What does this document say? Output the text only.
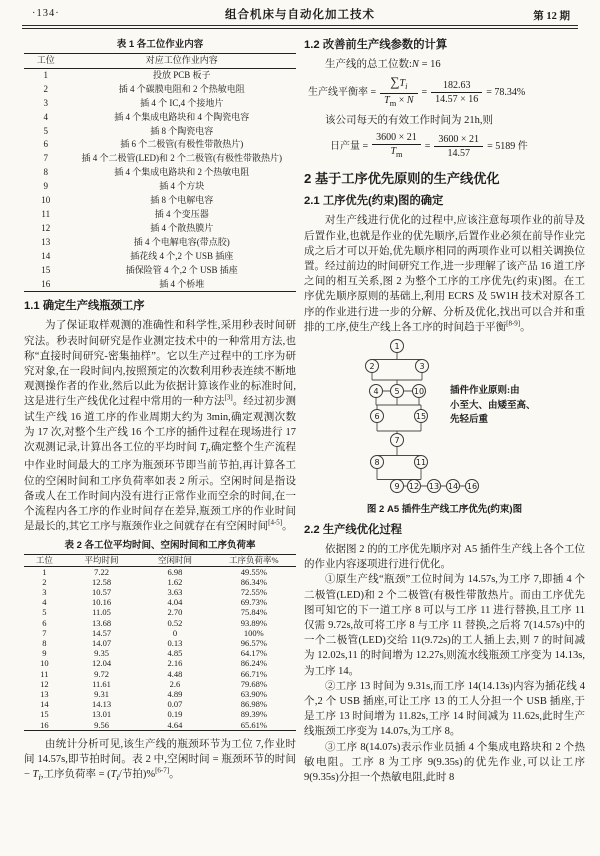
·134·	组合机床与自动化加工技术	第 12 期
表 1 各工位作业内容
工位	对应工位作业内容
1	投放 PCB 板子
2	插 4 个碳膜电阻和 2 个热敏电阻
3	插 4 个 IC,4 个接地片
4	插 4 个集成电路块和 4 个陶瓷电容
5	插 8 个陶瓷电容
6	插 6 个二极管(有极性带散热片)
7	插 4 个二极管(LED)和 2 个二极管(有极性带散热片)
8	插 4 个集成电路块和 2 个热敏电阻
9	插 4 个方块
10	插 8 个电解电容
11	插 4 个变压器
12	插 4 个散热膜片
13	插 4 个电解电容(带点胶)
14	插花线 4 个,2 个 USB 插座
15	插保险管 4 个,2 个 USB 插座
16	插 4 个桥堆
1.1 确定生产线瓶颈工序

为了保证取样观测的准确性和科学性,采用秒表时间研究法。秒表时间研究是作业测定技术中的一种常用方法,也称“直接时间研究-密集抽样”。它以生产过程中的工序为研究对象,在一段时间内,按照预定的次数利用秒表连续不断地观测操作者的作业,然后以此为依据计算该作业的标准时间,这是进行生产线优化过程中常用的一种方法[3]。经过初步测试生产线 16 道工序的作业周期大约为 3min,确定观测次数为 17 次,对整个生产线 16 个工序的插件过程在现场进行 17 次观测记录,计算出各工位的平均时间 $T_i$,确定整个生产流程中作业时间最大的工序为瓶颈环节即当前节拍,再计算各工位的空闲时间和工序负荷率如表 2 所示。空闲时间是指设备或人在工作时间内没有进行正常作业而空余的时间,在一个流程内各工序的作业时间存在差异,瓶颈工序的作业时间是最长的,其它工序与瓶颈作业之间就存在有空闲时间[4-5]。

表 2 各工位平均时间、空闲时间和工序负荷率
工位	平均时间	空闲时间	工序负荷率%
1	7.22	6.98	49.55%
2	12.58	1.62	86.34%
3	10.57	3.63	72.55%
4	10.16	4.04	69.73%
5	11.05	2.70	75.84%
6	13.68	0.52	93.89%
7	14.57	0	100%
8	14.07	0.13	96.57%
9	9.35	4.85	64.17%
10	12.04	2.16	86.24%
11	9.72	4.48	66.71%
12	11.61	2.6	79.68%
13	9.31	4.89	63.90%
14	14.13	0.07	86.98%
15	13.01	0.19	89.39%
16	9.56	4.64	65.61%

由统计分析可见,该生产线的瓶颈环节为工位 7,作业时间 14.57s,即节拍时间。表 2 中,空闲时间 = 瓶颈环节的时间 − $T_i$,工序负荷率 = ($T_i/$节拍)%[6-7]。

1.2 改善前生产线参数的计算
生产线的总工位数:N = 16
生产线平衡率 = $\frac{\sum T_i}{T_m \times N} = \frac{182.63}{14.57 \times 16} = 78.34\%$
该公司每天的有效工作时间为 21h,则
日产量 = $\frac{3600 \times 21}{T_m} = \frac{3600 \times 21}{14.57} = 5189$ 件
2 基于工序优先原则的生产线优化
2.1 工序优先(约束)图的确定

对生产线进行优化的过程中,应该注意每项作业的前导及后置作业,也就是作业的优先顺序,后置作业必须在前导作业完成之后才可以开始,优先顺序相同的两项作业可以相关调换位置。经过前边的时间研究工作,进一步理解了该产品 16 道工序之间的相互关系,图 2 为整个工序的工序优先(约束)图。在工序优先顺序原则的基础上,利用 ECRS 及 5W1H 技术对原各工序的作业进行进一步的分解、分析及优化,找出可以合并和重排的工序,使生产线上各工序的时间趋于平衡[8-9]。

1
2	3
4 5 10
6	15
7
8	11
9 12 13 14 16
插件作业原则:由
小至大、由矮至高、
先轻后重
图 2 A5 插件生产线工序优先(约束)图
2.2 生产线优化过程

依据图 2 的的工序优先顺序对 A5 插件生产线上各个工位的作业内容逐项进行进行优化。

①原生产线“瓶颈”工位时间为 14.57s,为工序 7,即插 4 个二极管(LED)和 2 个二极管(有极性带散热片。而由工序优先图可知它的下一道工序 8 可以与工序 11 进行替换,且工序 11 仅需 9.72s,故可将工序 8 与工序 11 替换,之后将 7(14.57s)中的一个二极管(LED)交给 11(9.72s)的工人插上去,则 7 的时间减为 12.02s,11 的时间增为 12.27s,则流水线瓶颈工序变为 14.13s,为工序 14。

②工序 13 时间为 9.31s,而工序 14(14.13s)内容为插花线 4 个,2 个 USB 插座,可让工序 13 的工人分担一个 USB 插座,于是工序 13 时间增为 11.82s,工序 14 时间减为 11.62s,此时生产线瓶颈工序变为 14.07s,为工序 8。

③工序 8(14.07s)表示作业员插 4 个集成电路块和 2 个热敏电阻。工序 8 为工序 9(9.35s)的优先作业,可以让工序 9(9.35s)分担一个热敏电阻,此时 8
